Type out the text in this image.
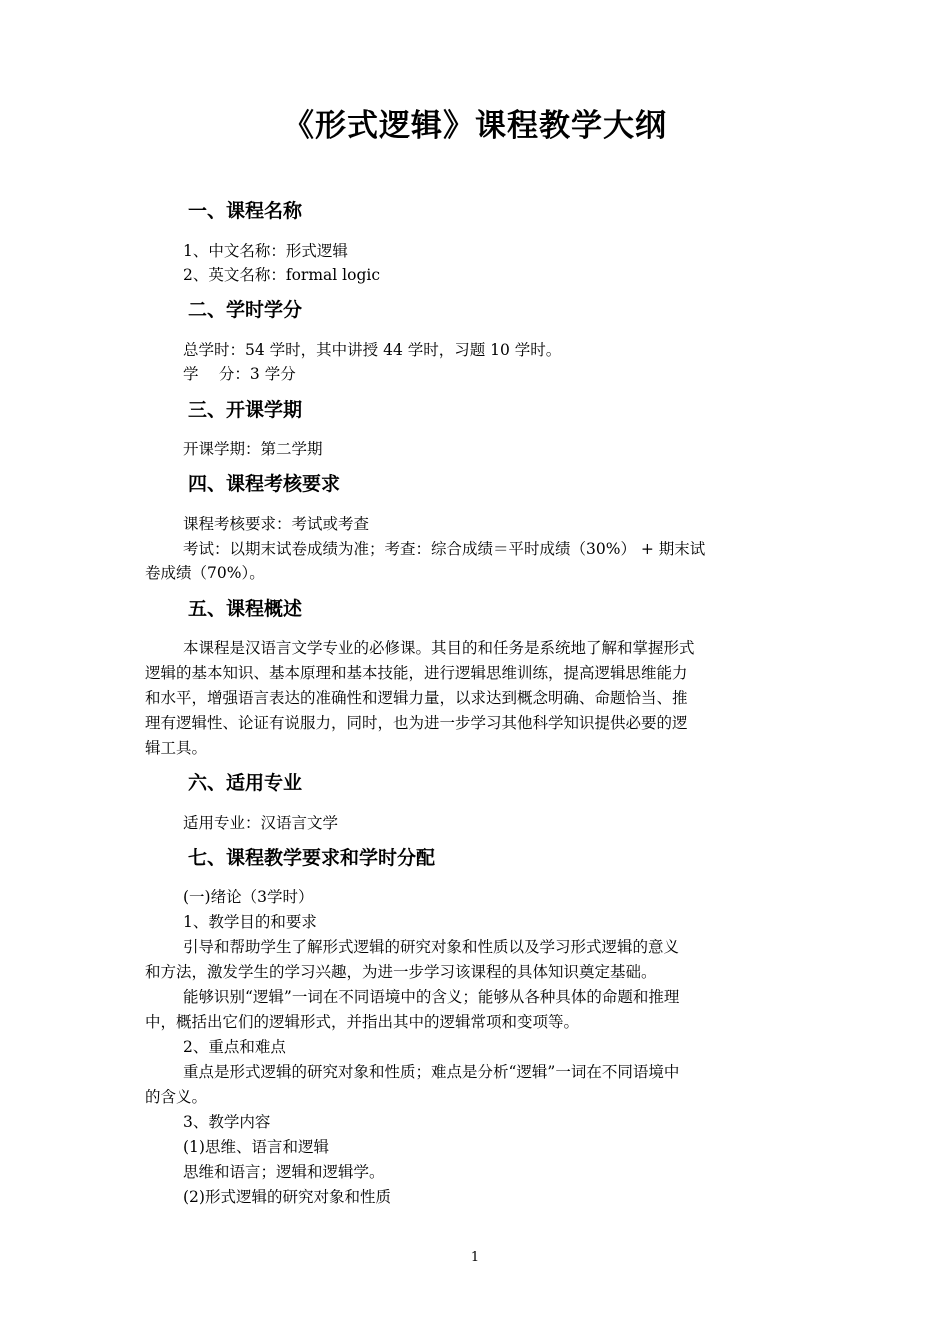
《形式逻辑》课程教学大纲
一、课程名称
1、中文名称：形式逻辑
2、英文名称：formal logic
二、学时学分
总学时：54 学时，其中讲授 44 学时，习题 10 学时。
学　 分：3 学分
三、开课学期
开课学期：第二学期
四、课程考核要求
课程考核要求：考试或考查
考试：以期末试卷成绩为准；考查：综合成绩＝平时成绩（30%） + 期末试
卷成绩（70%）。
五、课程概述
本课程是汉语言文学专业的必修课。其目的和任务是系统地了解和掌握形式
逻辑的基本知识、基本原理和基本技能，进行逻辑思维训练，提高逻辑思维能力
和水平，增强语言表达的准确性和逻辑力量，以求达到概念明确、命题恰当、推
理有逻辑性、论证有说服力，同时，也为进一步学习其他科学知识提供必要的逻
辑工具。
六、适用专业
适用专业：汉语言文学
七、课程教学要求和学时分配
(一)绪论（3学时）
1、教学目的和要求
引导和帮助学生了解形式逻辑的研究对象和性质以及学习形式逻辑的意义
和方法，激发学生的学习兴趣，为进一步学习该课程的具体知识奠定基础。
能够识别“逻辑”一词在不同语境中的含义；能够从各种具体的命题和推理
中，概括出它们的逻辑形式，并指出其中的逻辑常项和变项等。
2、重点和难点
重点是形式逻辑的研究对象和性质；难点是分析“逻辑”一词在不同语境中
的含义。
3、教学内容
(1)思维、语言和逻辑
思维和语言；逻辑和逻辑学。
(2)形式逻辑的研究对象和性质
1
